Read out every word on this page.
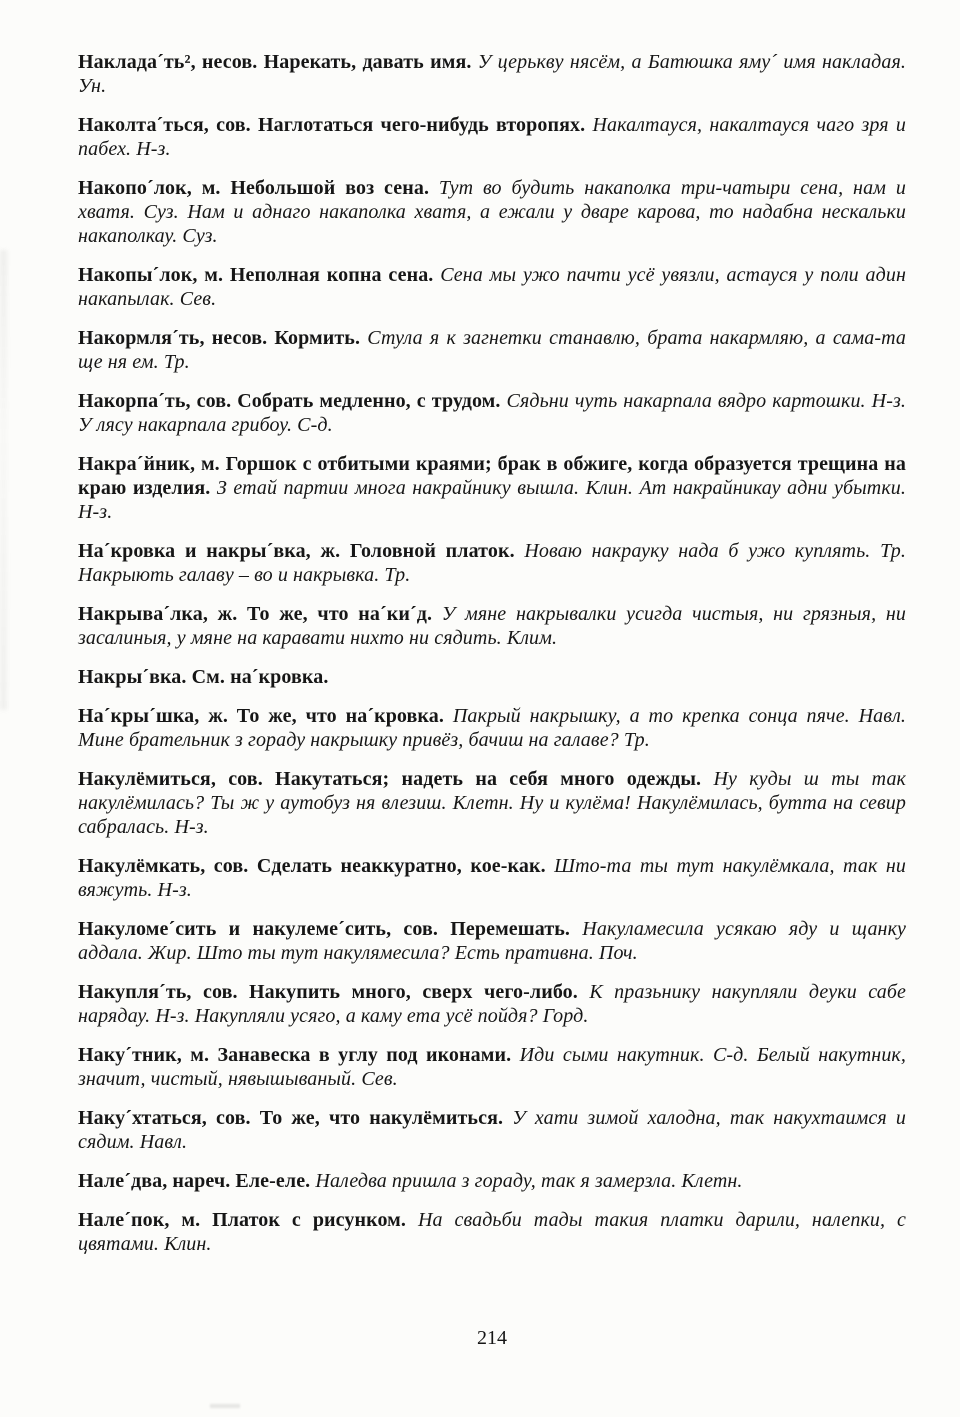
Наклада´ть², несов. Нарекать, давать имя. У церькву нясём, а Батюшка яму´ имя накладая. Ун.

Наколта´ться, сов. Наглотаться чего-нибудь второпях. Накалтауся, накалтауся чаго зря и пабех. Н-з.

Накопо´лок, м. Небольшой воз сена. Тут во будить накаполка три-чатыри сена, нам и хватя. Суз. Нам и аднаго накаполка хватя, а ежали у дваре карова, то надабна нескальки накаполкау. Суз.

Накопы´лок, м. Неполная копна сена. Сена мы ужо пачти усё увязли, астауся у поли адин накапылак. Сев.

Накормля´ть, несов. Кормить. Стула я к загнетки станавлю, брата накармляю, а сама-та ще ня ем. Тр.

Накорпа´ть, сов. Собрать медленно, с трудом. Сядьни чуть накарпала вядро картошки. Н-з. У лясу накарпала грибоу. С-д.

Накра´йник, м. Горшок с отбитыми краями; брак в обжиге, когда образуется трещина на краю изделия. З етай партии многа накрайнику вышла. Клин. Ат накрайникау адни убытки. Н-з.

На´кровка и накры´вка, ж. Головной платок. Новаю накрауку нада б ужо куплять. Тр. Накрыють галаву – во и накрывка. Тр.

Накрыва´лка, ж. То же, что на´ки´д. У мяне накрывалки усигда чистыя, ни грязныя, ни засалиныя, у мяне на каравати нихто ни сядить. Клим.

Накры´вка. См. на´кровка.

На´кры´шка, ж. То же, что на´кровка. Пакрый накрышку, а то крепка сонца пяче. Навл. Мине брательник з гораду накрышку привёз, бачиш на галаве? Тр.

Накулёмиться, сов. Накутаться; надеть на себя много одежды. Ну куды ш ты так накулёмилась? Ты ж у аутобуз ня влезиш. Клетн. Ну и кулёма! Накулёмилась, бутта на севир сабралась. Н-з.

Накулёмкать, сов. Сделать неаккуратно, кое-как. Што-та ты тут накулёмкала, так ни вяжуть. Н-з.

Накуломе´сить и накулеме´сить, сов. Перемешать. Накуламесила усякаю яду и щанку аддала. Жир. Што ты тут накулямесила? Есть пративна. Поч.

Накупля´ть, сов. Накупить много, сверх чего-либо. К празьнику накупляли деуки сабе нарядау. Н-з. Накупляли усяго, а каму ета усё пойдя? Горд.

Наку´тник, м. Занавеска в углу под иконами. Иди сыми накутник. С-д. Белый накутник, значит, чистый, нявышываный. Сев.

Наку´хтаться, сов. То же, что накулёмиться. У хати зимой халодна, так накухтаимся и сядим. Навл.

Нале´два, нареч. Еле-еле. Наледва пришла з гораду, так я замерзла. Клетн.

Нале´пок, м. Платок с рисунком. На свадьби тады такия платки дарили, налепки, с цвятами. Клин.

214
